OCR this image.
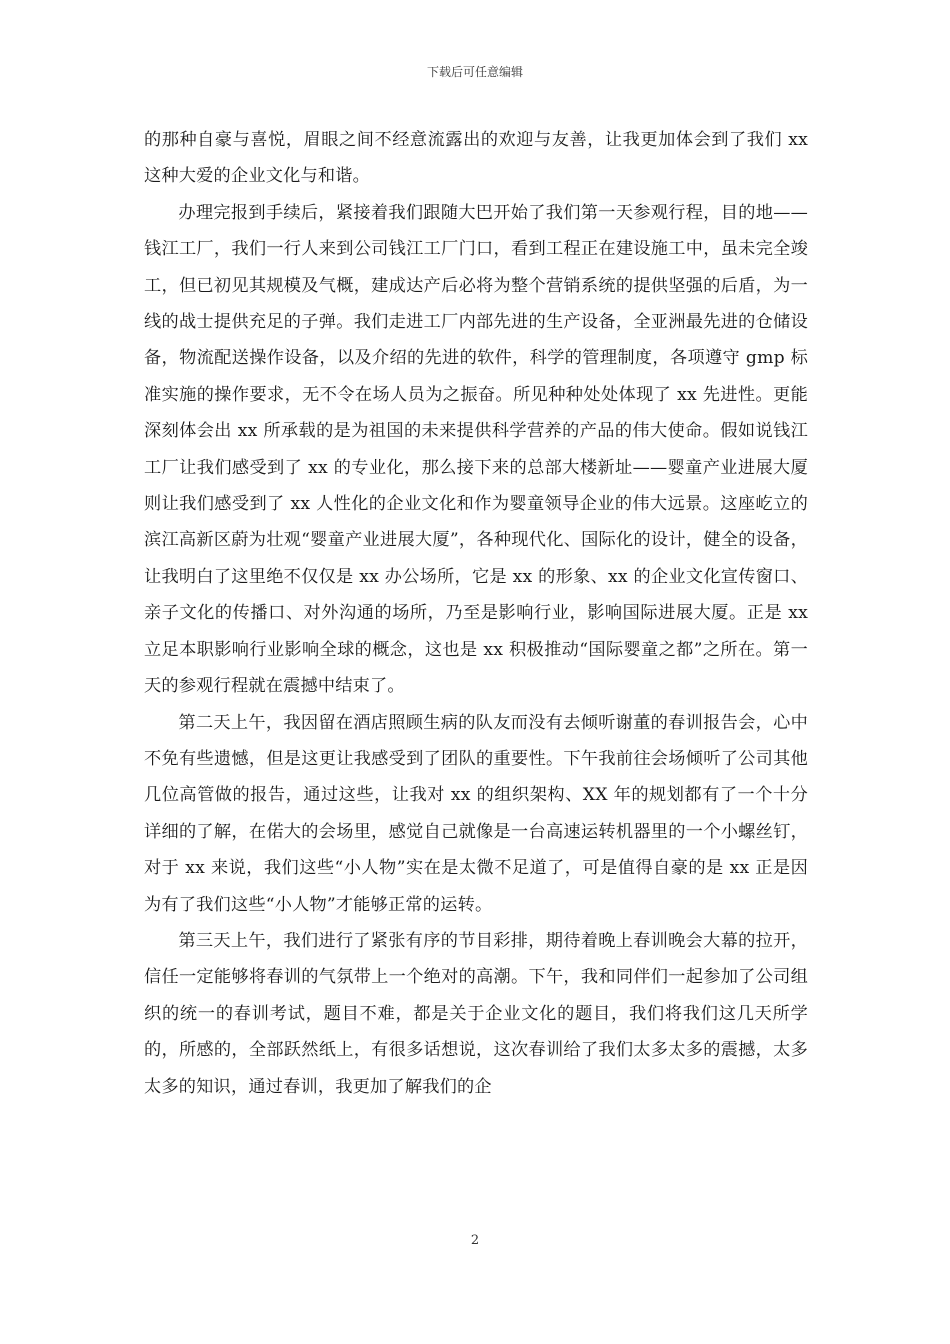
下载后可任意编辑

的那种自豪与喜悦，眉眼之间不经意流露出的欢迎与友善，让我更加体会到了我们 xx 这种大爱的企业文化与和谐。

办理完报到手续后，紧接着我们跟随大巴开始了我们第一天参观行程，目的地——钱江工厂，我们一行人来到公司钱江工厂门口，看到工程正在建设施工中，虽未完全竣工，但已初见其规模及气概，建成达产后必将为整个营销系统的提供坚强的后盾，为一线的战士提供充足的子弹。我们走进工厂内部先进的生产设备，全亚洲最先进的仓储设备，物流配送操作设备，以及介绍的先进的软件，科学的管理制度，各项遵守 gmp 标准实施的操作要求，无不令在场人员为之振奋。所见种种处处体现了 xx 先进性。更能深刻体会出 xx 所承载的是为祖国的未来提供科学营养的产品的伟大使命。假如说钱江工厂让我们感受到了 xx 的专业化，那么接下来的总部大楼新址——婴童产业进展大厦则让我们感受到了 xx 人性化的企业文化和作为婴童领导企业的伟大远景。这座屹立的滨江高新区蔚为壮观“婴童产业进展大厦”，各种现代化、国际化的设计，健全的设备，让我明白了这里绝不仅仅是 xx 办公场所，它是 xx 的形象、xx 的企业文化宣传窗口、亲子文化的传播口、对外沟通的场所，乃至是影响行业，影响国际进展大厦。正是 xx 立足本职影响行业影响全球的概念，这也是 xx 积极推动“国际婴童之都”之所在。第一天的参观行程就在震撼中结束了。

第二天上午，我因留在酒店照顾生病的队友而没有去倾听谢董的春训报告会，心中不免有些遗憾，但是这更让我感受到了团队的重要性。下午我前往会场倾听了公司其他几位高管做的报告，通过这些，让我对 xx 的组织架构、XX 年的规划都有了一个十分详细的了解，在偌大的会场里，感觉自己就像是一台高速运转机器里的一个小螺丝钉，对于 xx 来说，我们这些“小人物”实在是太微不足道了，可是值得自豪的是 xx 正是因为有了我们这些“小人物”才能够正常的运转。

第三天上午，我们进行了紧张有序的节目彩排，期待着晚上春训晚会大幕的拉开，信任一定能够将春训的气氛带上一个绝对的高潮。下午，我和同伴们一起参加了公司组织的统一的春训考试，题目不难，都是关于企业文化的题目，我们将我们这几天所学的，所感的，全部跃然纸上，有很多话想说，这次春训给了我们太多太多的震撼，太多太多的知识，通过春训，我更加了解我们的企

2
